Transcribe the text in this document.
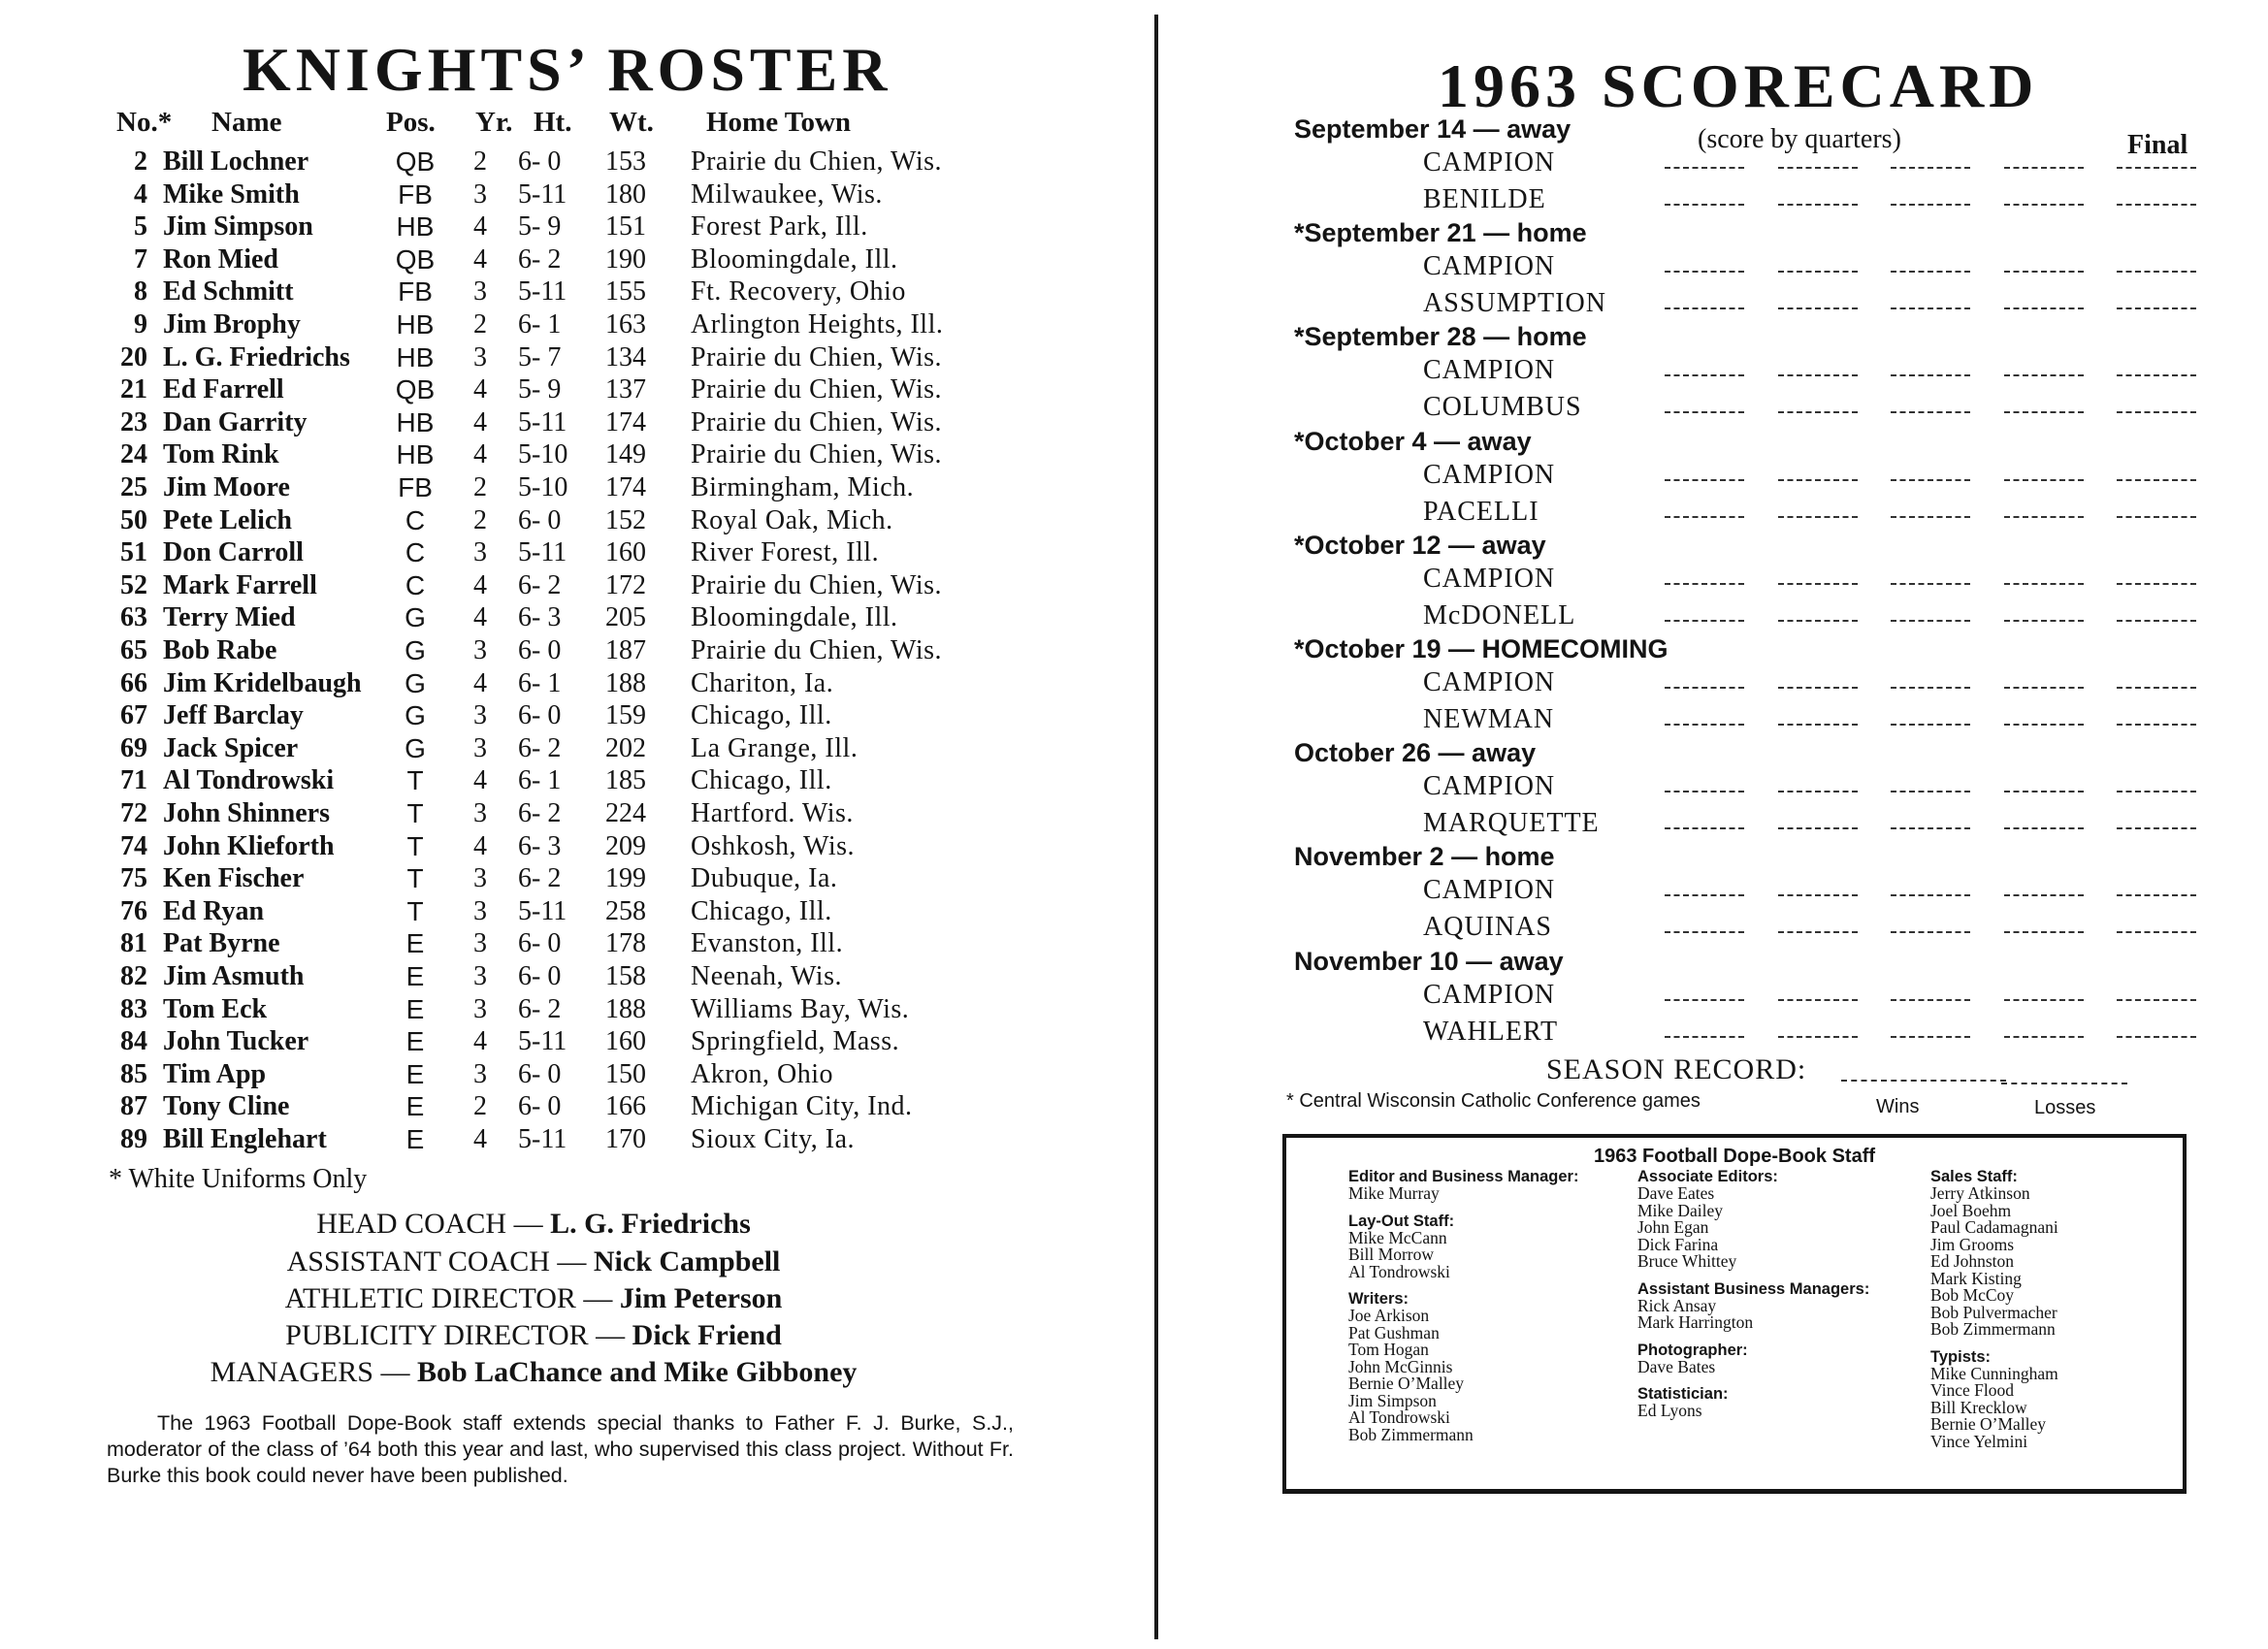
KNIGHTS’ ROSTER
No.* Name	Pos. Yr. Ht. Wt. Home Town
2 Bill Lochner	QB	2 6- 0 153 Prairie du Chien, Wis.
4 Mike Smith	FB	3 5-11 180 Milwaukee, Wis.
5 Jim Simpson	HB	4 5- 9 151 Forest Park, Ill.
7 Ron Mied	QB	4 6- 2 190 Bloomingdale, Ill.
8 Ed Schmitt	FB	3 5-11 155 Ft. Recovery, Ohio
9 Jim Brophy	HB	2 6- 1 163 Arlington Heights, Ill.
20 L. G. Friedrichs	HB	3 5- 7 134 Prairie du Chien, Wis.
21 Ed Farrell	QB	4 5- 9 137 Prairie du Chien, Wis.
23 Dan Garrity	HB	4 5-11 174 Prairie du Chien, Wis.
24 Tom Rink	HB	4 5-10 149 Prairie du Chien, Wis.
25 Jim Moore	FB	2 5-10 174 Birmingham, Mich.
50 Pete Lelich	C	2 6- 0 152 Royal Oak, Mich.
51 Don Carroll	C	3 5-11 160 River Forest, Ill.
52 Mark Farrell	C	4 6- 2 172 Prairie du Chien, Wis.
63 Terry Mied	G	4 6- 3 205 Bloomingdale, Ill.
65 Bob Rabe	G	3 6- 0 187 Prairie du Chien, Wis.
66 Jim Kridelbaugh	G	4 6- 1 188 Chariton, Ia.
67 Jeff Barclay	G	3 6- 0 159 Chicago, Ill.
69 Jack Spicer	G	3 6- 2 202 La Grange, Ill.
71 Al Tondrowski	T	4 6- 1 185 Chicago, Ill.
72 John Shinners	T	3 6- 2 224 Hartford. Wis.
74 John Klieforth	T	4 6- 3 209 Oshkosh, Wis.
75 Ken Fischer	T	3 6- 2 199 Dubuque, Ia.
76 Ed Ryan	T	3 5-11 258 Chicago, Ill.
81 Pat Byrne	E	3 6- 0 178 Evanston, Ill.
82 Jim Asmuth	E	3 6- 0 158 Neenah, Wis.
83 Tom Eck	E	3 6- 2 188 Williams Bay, Wis.
84 John Tucker	E	4 5-11 160 Springfield, Mass.
85 Tim App	E	3 6- 0 150 Akron, Ohio
87 Tony Cline	E	2 6- 0 166 Michigan City, Ind.
89 Bill Englehart	E	4 5-11 170 Sioux City, Ia.
* White Uniforms Only
HEAD COACH — L. G. Friedrichs
ASSISTANT COACH — Nick Campbell
ATHLETIC DIRECTOR — Jim Peterson
PUBLICITY DIRECTOR — Dick Friend
MANAGERS — Bob LaChance and Mike Gibboney
The 1963 Football Dope-Book staff extends special thanks to Father F. J. Burke, S.J., moderator of the class of ’64 both this year and last, who supervised this class project. Without Fr. Burke this book could never have been published.
1963 SCORECARD
(score by quarters)	Final
September 14 — away
CAMPION
BENILDE
*September 21 — home
CAMPION
ASSUMPTION
*September 28 — home
CAMPION
COLUMBUS
*October 4 — away
CAMPION
PACELLI
*October 12 — away
CAMPION
McDONELL
*October 19 — HOMECOMING
CAMPION
NEWMAN
October 26 — away
CAMPION
MARQUETTE
November 2 — home
CAMPION
AQUINAS
November 10 — away
CAMPION
WAHLERT
SEASON RECORD:
* Central Wisconsin Catholic Conference games	Wins	Losses
1963 Football Dope-Book Staff
Editor and Business Manager:
Mike Murray
Lay-Out Staff:
Mike McCann
Bill Morrow
Al Tondrowski
Writers:
Joe Arkison
Pat Gushman
Tom Hogan
John McGinnis
Bernie O’Malley
Jim Simpson
Al Tondrowski
Bob Zimmermann
Associate Editors:
Dave Eates
Mike Dailey
John Egan
Dick Farina
Bruce Whittey
Assistant Business Managers:
Rick Ansay
Mark Harrington
Photographer:
Dave Bates
Statistician:
Ed Lyons
Sales Staff:
Jerry Atkinson
Joel Boehm
Paul Cadamagnani
Jim Grooms
Ed Johnston
Mark Kisting
Bob McCoy
Bob Pulvermacher
Bob Zimmermann
Typists:
Mike Cunningham
Vince Flood
Bill Krecklow
Bernie O’Malley
Vince Yelmini
